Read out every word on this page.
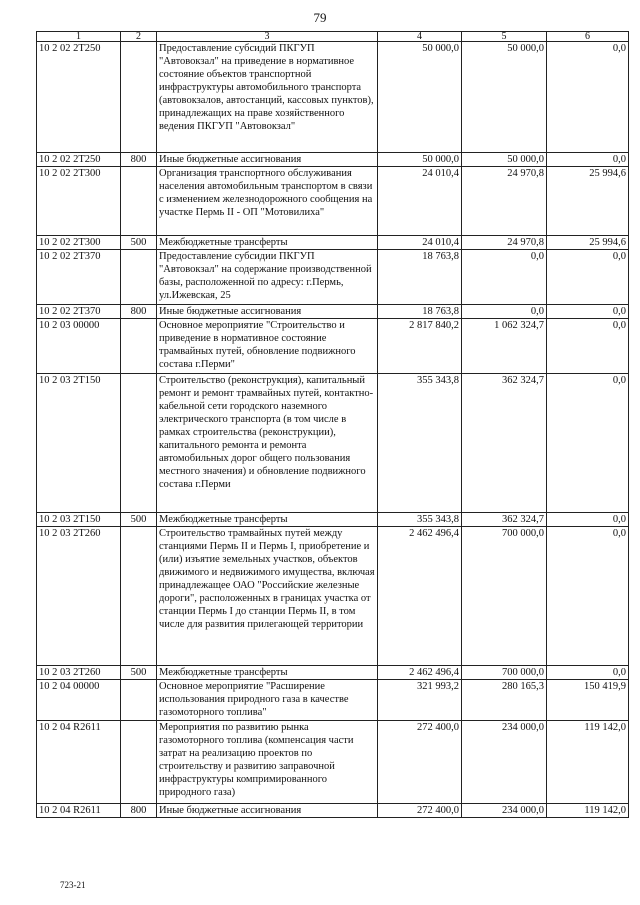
79
1	2	3	4	5	6
10 2 02 2Т250		Предоставление субсидий ПКГУП "Автовокзал" на приведение в нормативное состояние объектов транспортной инфраструктуры автомобильного транспорта (автовокзалов, автостанций, кассовых пунктов), принадлежащих на праве хозяйственного ведения ПКГУП "Автовокзал"	50 000,0	50 000,0	0,0
10 2 02 2Т250	800	Иные бюджетные ассигнования	50 000,0	50 000,0	0,0
10 2 02 2Т300		Организация транспортного обслуживания населения автомобильным транспортом в связи с изменением железнодорожного сообщения на участке Пермь II - ОП "Мотовилиха"	24 010,4	24 970,8	25 994,6
10 2 02 2Т300	500	Межбюджетные трансферты	24 010,4	24 970,8	25 994,6
10 2 02 2Т370		Предоставление субсидии ПКГУП "Автовокзал" на содержание производственной базы, расположенной по адресу: г.Пермь, ул.Ижевская, 25	18 763,8	0,0	0,0
10 2 02 2Т370	800	Иные бюджетные ассигнования	18 763,8	0,0	0,0
10 2 03 00000		Основное мероприятие "Строительство и приведение в нормативное состояние трамвайных путей, обновление подвижного состава г.Перми"	2 817 840,2	1 062 324,7	0,0
10 2 03 2Т150		Строительство (реконструкция), капитальный ремонт и ремонт трамвайных путей, контактно-кабельной сети городского наземного электрического транспорта (в том числе в рамках строительства (реконструкции), капитального ремонта и ремонта автомобильных дорог общего пользования местного значения) и обновление подвижного состава г.Перми	355 343,8	362 324,7	0,0
10 2 03 2Т150	500	Межбюджетные трансферты	355 343,8	362 324,7	0,0
10 2 03 2Т260		Строительство трамвайных путей между станциями Пермь II и Пермь I, приобретение и (или) изъятие земельных участков, объектов движимого и недвижимого имущества, включая принадлежащее ОАО "Российские железные дороги", расположенных в границах участка от станции Пермь I до станции Пермь II, в том числе для развития прилегающей территории	2 462 496,4	700 000,0	0,0
10 2 03 2Т260	500	Межбюджетные трансферты	2 462 496,4	700 000,0	0,0
10 2 04 00000		Основное мероприятие "Расширение использования природного газа в качестве газомоторного топлива"	321 993,2	280 165,3	150 419,9
10 2 04 R2611		Мероприятия по развитию рынка газомоторного топлива (компенсация части затрат на реализацию проектов по строительству и развитию заправочной инфраструктуры компримированного природного газа)	272 400,0	234 000,0	119 142,0
10 2 04 R2611	800	Иные бюджетные ассигнования	272 400,0	234 000,0	119 142,0
723-21
